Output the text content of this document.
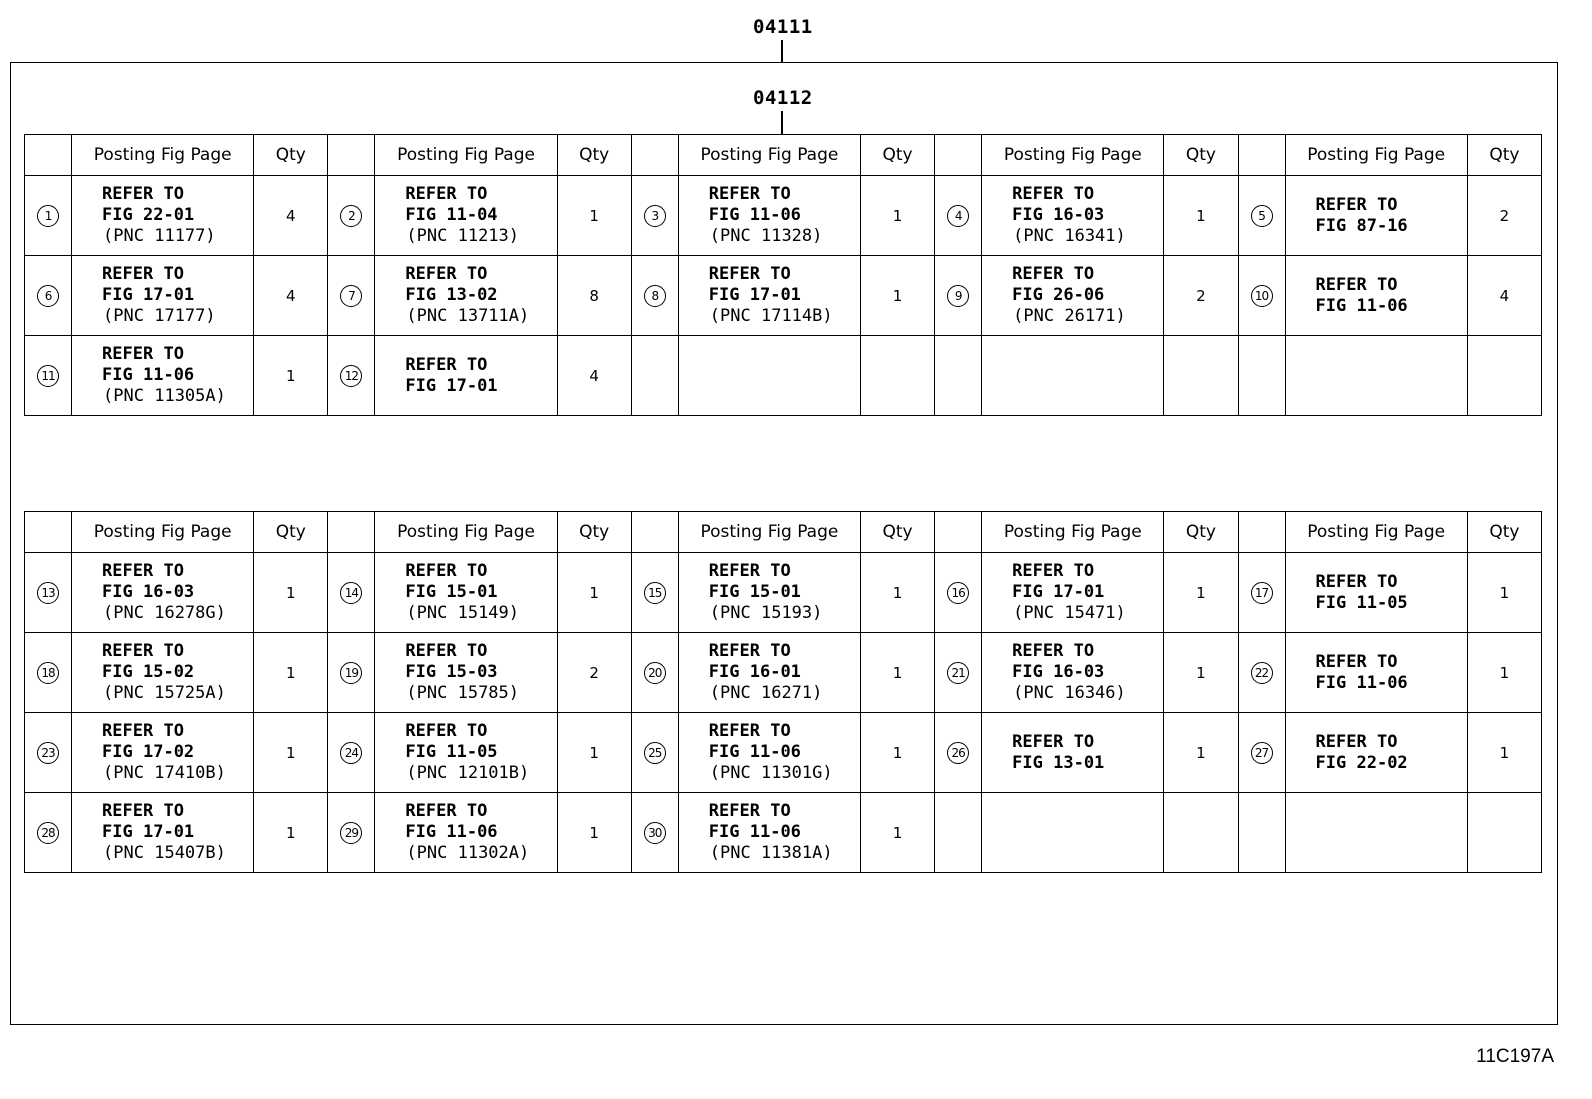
04111
04112
	Posting Fig Page	Qty		Posting Fig Page	Qty		Posting Fig Page	Qty		Posting Fig Page	Qty		Posting Fig Page	Qty
1	REFER TO
FIG 22-01
(PNC 11177)	4	2	REFER TO
FIG 11-04
(PNC 11213)	1	3	REFER TO
FIG 11-06
(PNC 11328)	1	4	REFER TO
FIG 16-03
(PNC 16341)	1	5	REFER TO
FIG 87-16	2
6	REFER TO
FIG 17-01
(PNC 17177)	4	7	REFER TO
FIG 13-02
(PNC 13711A)	8	8	REFER TO
FIG 17-01
(PNC 17114B)	1	9	REFER TO
FIG 26-06
(PNC 26171)	2	10	REFER TO
FIG 11-06	4
11	REFER TO
FIG 11-06
(PNC 11305A)	1	12	REFER TO
FIG 17-01	4									
	Posting Fig Page	Qty		Posting Fig Page	Qty		Posting Fig Page	Qty		Posting Fig Page	Qty		Posting Fig Page	Qty
13	REFER TO
FIG 16-03
(PNC 16278G)	1	14	REFER TO
FIG 15-01
(PNC 15149)	1	15	REFER TO
FIG 15-01
(PNC 15193)	1	16	REFER TO
FIG 17-01
(PNC 15471)	1	17	REFER TO
FIG 11-05	1
18	REFER TO
FIG 15-02
(PNC 15725A)	1	19	REFER TO
FIG 15-03
(PNC 15785)	2	20	REFER TO
FIG 16-01
(PNC 16271)	1	21	REFER TO
FIG 16-03
(PNC 16346)	1	22	REFER TO
FIG 11-06	1
23	REFER TO
FIG 17-02
(PNC 17410B)	1	24	REFER TO
FIG 11-05
(PNC 12101B)	1	25	REFER TO
FIG 11-06
(PNC 11301G)	1	26	REFER TO
FIG 13-01	1	27	REFER TO
FIG 22-02	1
28	REFER TO
FIG 17-01
(PNC 15407B)	1	29	REFER TO
FIG 11-06
(PNC 11302A)	1	30	REFER TO
FIG 11-06
(PNC 11381A)	1						
11C197A
